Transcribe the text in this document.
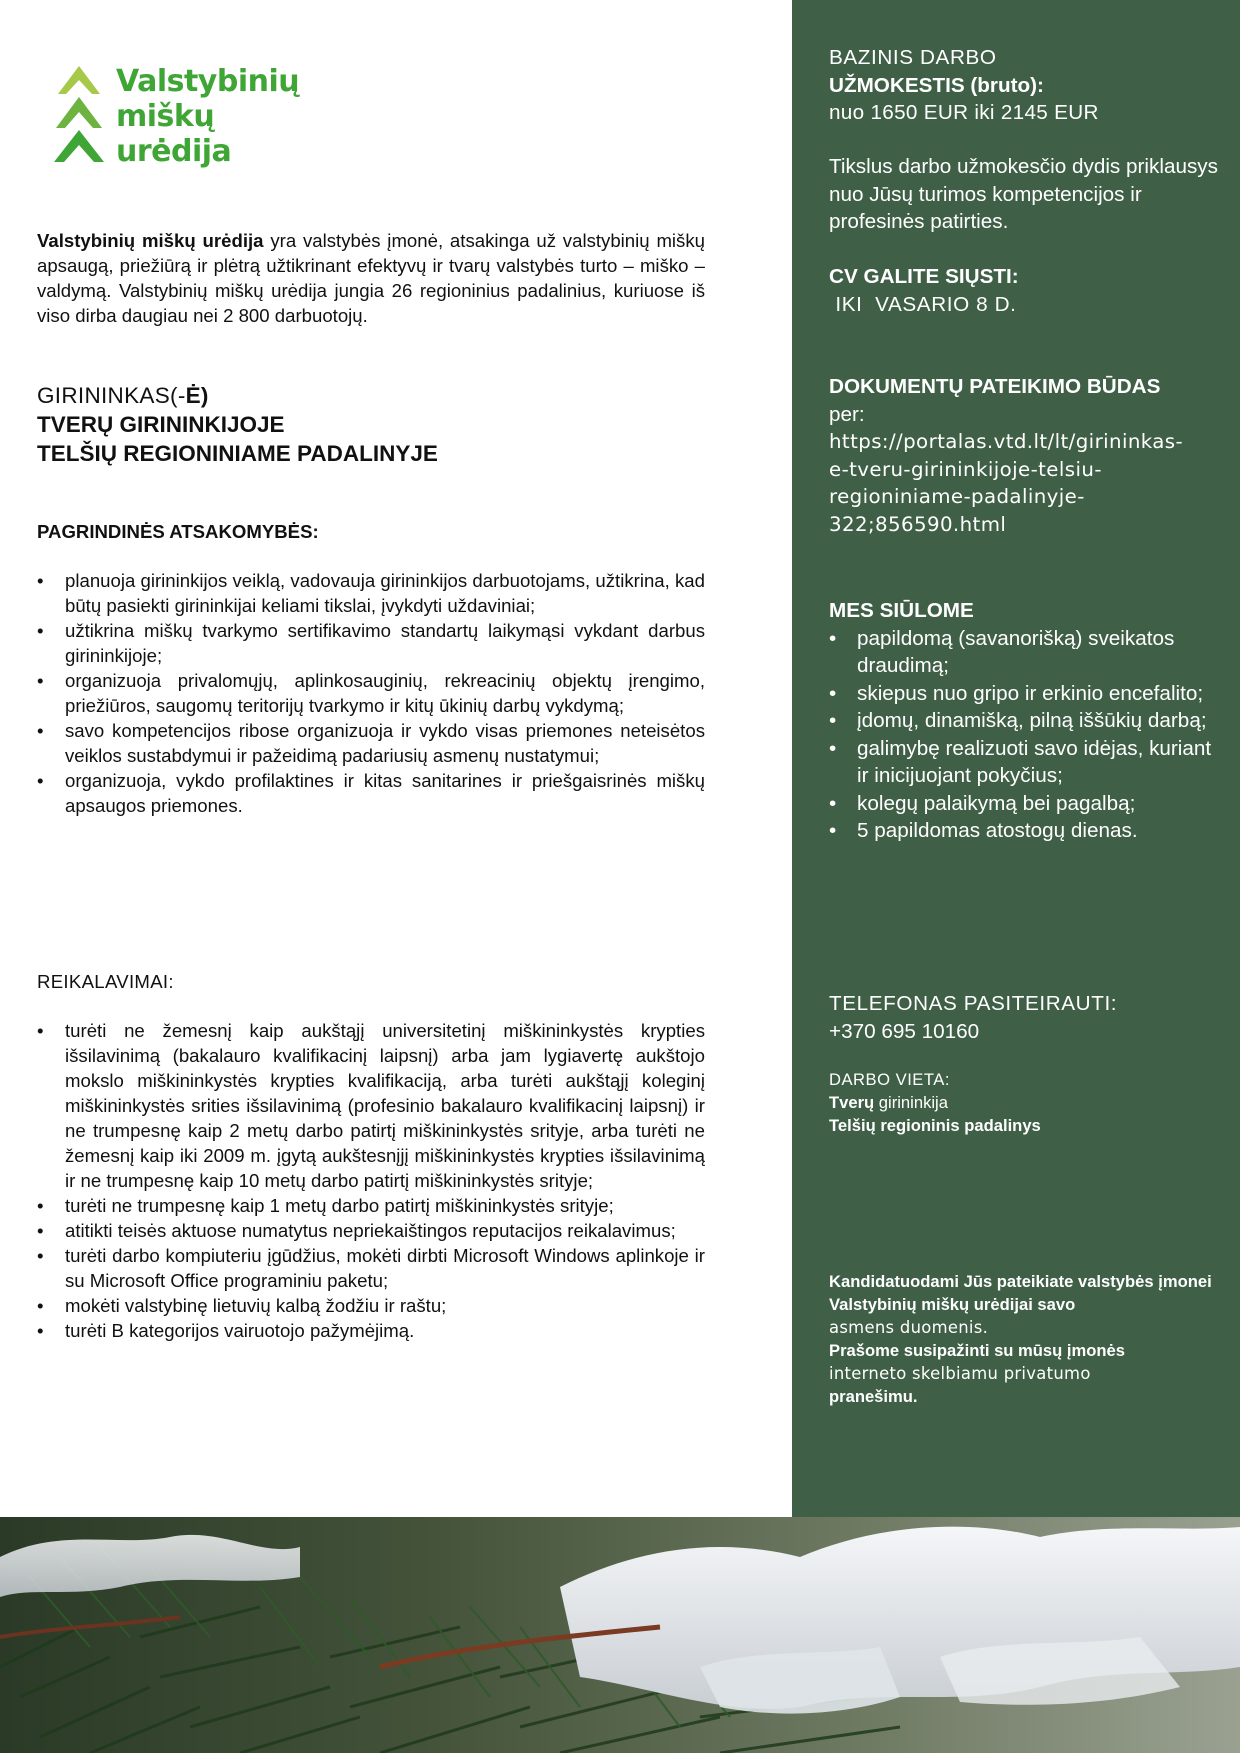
Valstybinių
miškų
urėdija

Valstybinių miškų urėdija yra valstybės įmonė, atsakinga už valstybinių miškų apsaugą, priežiūrą ir plėtrą užtikrinant efektyvų ir tvarų valstybės turto – miško – valdymą. Valstybinių miškų urėdija jungia 26 regioninius padalinius, kuriuose iš viso dirba daugiau nei 2 800 darbuotojų.

GIRININKAS(-Ė)
TVERŲ GIRININKIJOJE
TELŠIŲ REGIONINIAME PADALINYJE
PAGRINDINĖS ATSAKOMYBĖS:
• planuoja girininkijos veiklą, vadovauja girininkijos darbuotojams, užtikrina, kad būtų pasiekti girininkijai keliami tikslai, įvykdyti uždaviniai;
• užtikrina miškų tvarkymo sertifikavimo standartų laikymąsi vykdant darbus girininkijoje;
• organizuoja privalomųjų, aplinkosauginių, rekreacinių objektų įrengimo, priežiūros, saugomų teritorijų tvarkymo ir kitų ūkinių darbų vykdymą;
• savo kompetencijos ribose organizuoja ir vykdo visas priemones neteisėtos veiklos sustabdymui ir pažeidimą padariusių asmenų nustatymui;
• organizuoja, vykdo profilaktines ir kitas sanitarines ir priešgaisrinės miškų apsaugos priemones.
REIKALAVIMAI:
• turėti ne žemesnį kaip aukštąjį universitetinį miškininkystės krypties išsilavinimą (bakalauro kvalifikacinį laipsnį) arba jam lygiavertę aukštojo mokslo miškininkystės krypties kvalifikaciją, arba turėti aukštąjį koleginį miškininkystės srities išsilavinimą (profesinio bakalauro kvalifikacinį laipsnį) ir ne trumpesnę kaip 2 metų darbo patirtį miškininkystės srityje, arba turėti ne žemesnį kaip iki 2009 m. įgytą aukštesnįjį miškininkystės krypties išsilavinimą ir ne trumpesnę kaip 10 metų darbo patirtį miškininkystės srityje;
• turėti ne trumpesnę kaip 1 metų darbo patirtį miškininkystės srityje;
• atitikti teisės aktuose numatytus nepriekaištingos reputacijos reikalavimus;
• turėti darbo kompiuteriu įgūdžius, mokėti dirbti Microsoft Windows aplinkoje ir su Microsoft Office programiniu paketu;
• mokėti valstybinę lietuvių kalbą žodžiu ir raštu;
• turėti B kategorijos vairuotojo pažymėjimą.
BAZINIS DARBO
UŽMOKESTIS (bruto):
nuo 1650 EUR iki 2145 EUR

Tikslus darbo užmokesčio dydis priklausys nuo Jūsų turimos kompetencijos ir profesinės patirties.

CV GALITE SIŲSTI:
IKI  VASARIO 8 D.
DOKUMENTŲ PATEIKIMO BŪDAS
per:
https://portalas.vtd.lt/lt/girininkas-
e-tveru-girininkijoje-telsiu-
regioniniame-padalinyje-
322;856590.html
MES SIŪLOME
• papildomą (savanorišką) sveikatos draudimą;
• skiepus nuo gripo ir erkinio encefalito;
• įdomų, dinamišką, pilną iššūkių darbą;
• galimybę realizuoti savo idėjas, kuriant ir inicijuojant pokyčius;
• kolegų palaikymą bei pagalbą;
• 5 papildomas atostogų dienas.
TELEFONAS PASITEIRAUTI:
+370 695 10160
DARBO VIETA:
Tverų girininkija
Telšių regioninis padalinys
Kandidatuodami Jūs pateikiate valstybės įmonei Valstybinių miškų urėdijai savo
asmens duomenis.
Prašome susipažinti su mūsų įmonės
interneto skelbiamu privatumo
pranešimu.
